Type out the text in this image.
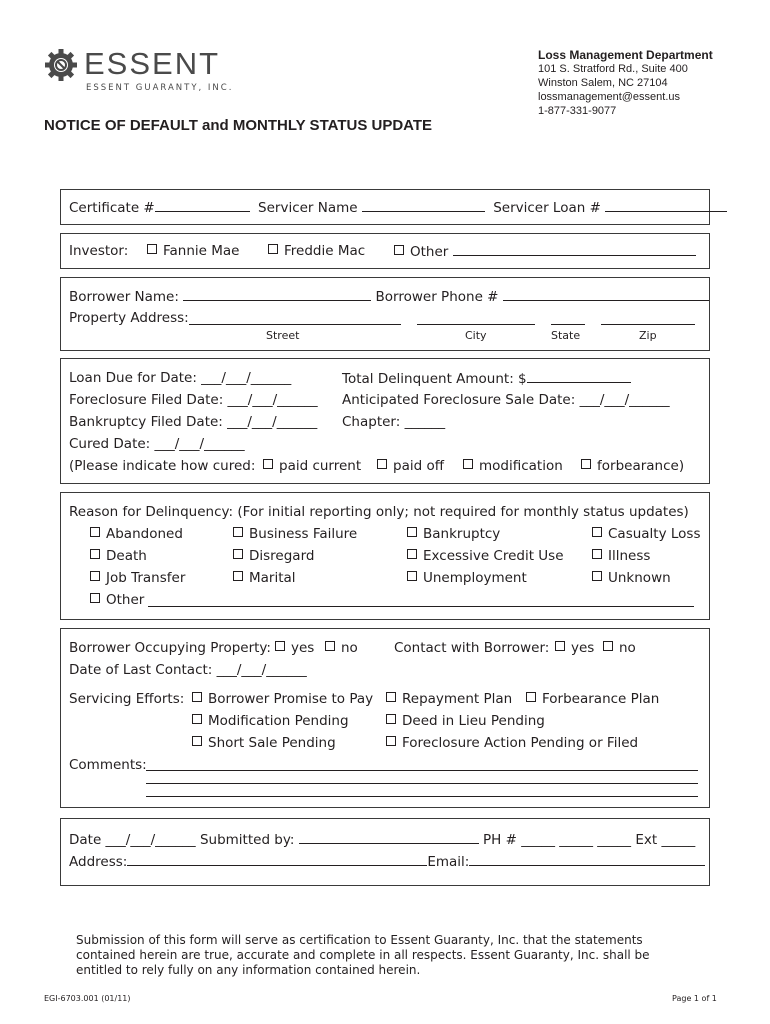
ESSENT
ESSENT GUARANTY, INC.
Loss Management Department
101 S. Stratford Rd., Suite 400
Winston Salem, NC 27104
lossmanagement@essent.us
1-877-331-9077
NOTICE OF DEFAULT and MONTHLY STATUS UPDATE
Certificate #	Servicer Name	Servicer Loan #
Investor:	Fannie Mae	Freddie Mac	Other
Borrower Name:	Borrower Phone #
Property Address:
Street	City	State	Zip
Loan Due for Date: ___/___/______	Total Delinquent Amount: $
Foreclosure Filed Date: ___/___/______ Anticipated Foreclosure Sale Date: ___/___/______
Bankruptcy Filed Date: ___/___/______ Chapter: ______
Cured Date: ___/___/______
(Please indicate how cured:	paid current	paid off	modification	forbearance)
Reason for Delinquency: (For initial reporting only; not required for monthly status updates)
Abandoned	Business Failure	Bankruptcy	Casualty Loss
Death	Disregard	Excessive Credit Use	Illness
Job Transfer	Marital	Unemployment	Unknown
Other
Borrower Occupying Property:	yes	no	Contact with Borrower:	yes	no
Date of Last Contact: ___/___/______
Servicing Efforts:	Borrower Promise to Pay	Repayment Plan	Forbearance Plan
Modification Pending	Deed in Lieu Pending
Short Sale Pending	Foreclosure Action Pending or Filed
Comments:
Date ___/___/______ Submitted by:	PH # _____ _____ _____ Ext _____
Address:	Email:
Submission of this form will serve as certification to Essent Guaranty, Inc. that the statements contained herein are true, accurate and complete in all respects. Essent Guaranty, Inc. shall be entitled to rely fully on any information contained herein.
EGI-6703.001 (01/11)	Page 1 of 1
